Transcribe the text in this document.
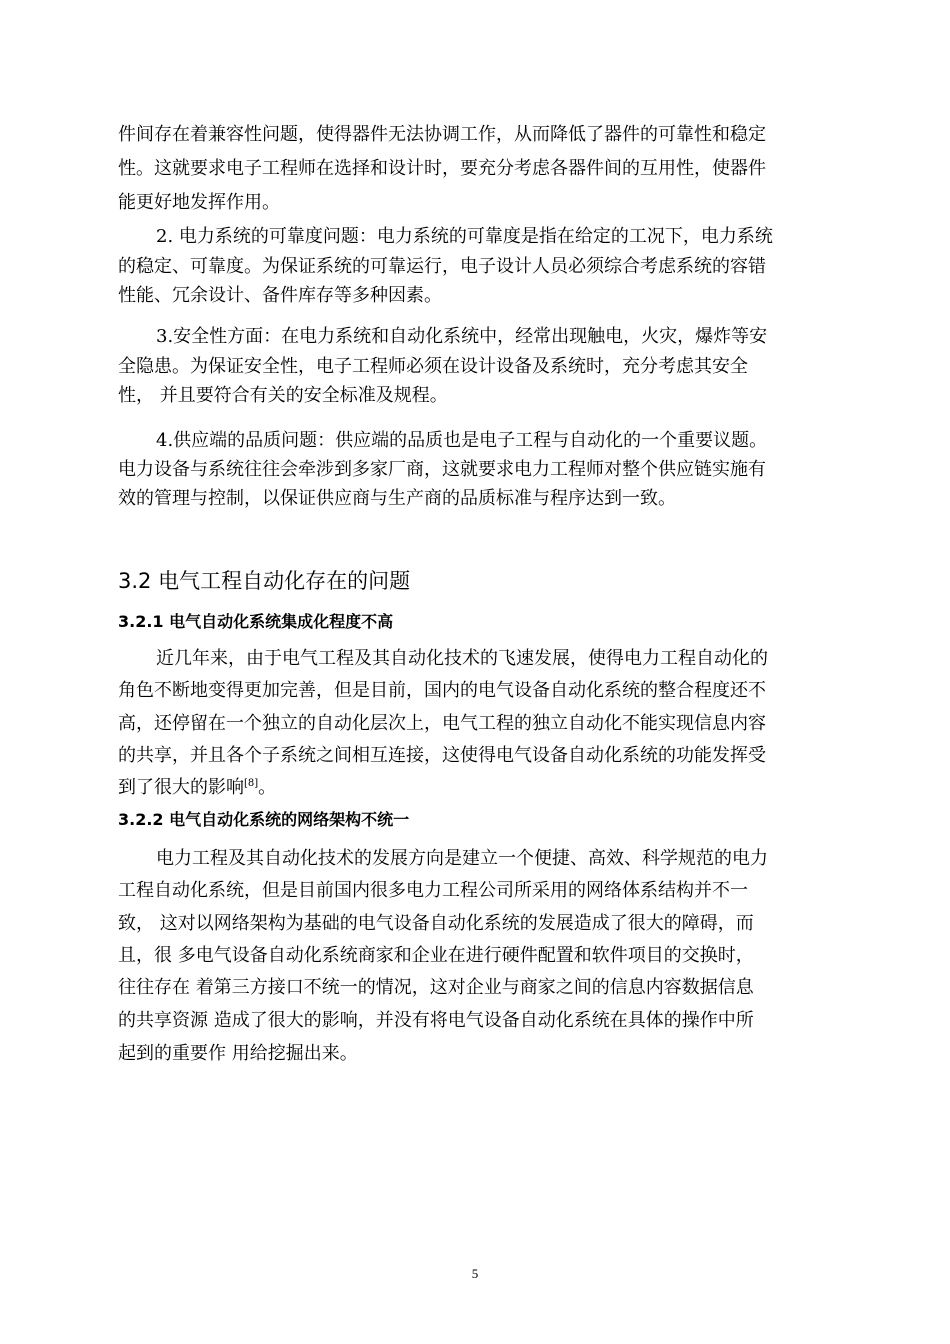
件间存在着兼容性问题，使得器件无法协调工作，从而降低了器件的可靠性和稳定
性。这就要求电子工程师在选择和设计时，要充分考虑各器件间的互用性，使器件
能更好地发挥作用。
2. 电力系统的可靠度问题：电力系统的可靠度是指在给定的工况下，电力系统
的稳定、可靠度。为保证系统的可靠运行，电子设计人员必须综合考虑系统的容错
性能、冗余设计、备件库存等多种因素。
3.安全性方面：在电力系统和自动化系统中，经常出现触电，火灾，爆炸等安
全隐患。为保证安全性，电子工程师必须在设计设备及系统时，充分考虑其安全
性， 并且要符合有关的安全标准及规程。
4.供应端的品质问题：供应端的品质也是电子工程与自动化的一个重要议题。
电力设备与系统往往会牵涉到多家厂商，这就要求电力工程师对整个供应链实施有
效的管理与控制，以保证供应商与生产商的品质标准与程序达到一致。
3.2 电气工程自动化存在的问题
3.2.1 电气自动化系统集成化程度不高
近几年来，由于电气工程及其自动化技术的飞速发展，使得电力工程自动化的
角色不断地变得更加完善，但是目前，国内的电气设备自动化系统的整合程度还不
高，还停留在一个独立的自动化层次上，电气工程的独立自动化不能实现信息内容
的共享，并且各个子系统之间相互连接，这使得电气设备自动化系统的功能发挥受
到了很大的影响[8]。
3.2.2 电气自动化系统的网络架构不统一
电力工程及其自动化技术的发展方向是建立一个便捷、高效、科学规范的电力
工程自动化系统，但是目前国内很多电力工程公司所采用的网络体系结构并不一
致， 这对以网络架构为基础的电气设备自动化系统的发展造成了很大的障碍，而
且，很 多电气设备自动化系统商家和企业在进行硬件配置和软件项目的交换时，
往往存在 着第三方接口不统一的情况，这对企业与商家之间的信息内容数据信息
的共享资源 造成了很大的影响，并没有将电气设备自动化系统在具体的操作中所
起到的重要作 用给挖掘出来。
5
